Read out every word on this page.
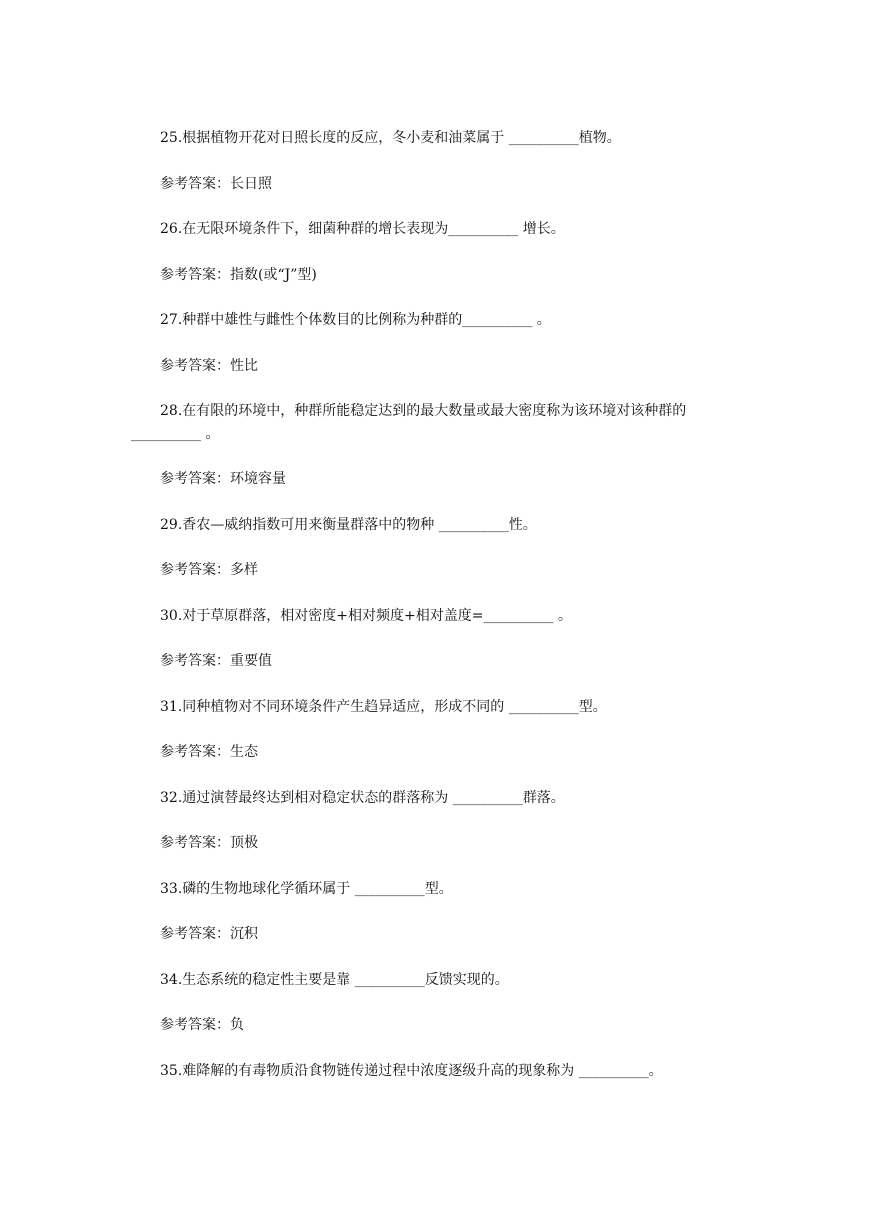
25.根据植物开花对日照长度的反应，冬小麦和油菜属于 __________植物。
参考答案：长日照
26.在无限环境条件下，细菌种群的增长表现为__________ 增长。
参考答案：指数(或“J”型)
27.种群中雄性与雌性个体数目的比例称为种群的__________ 。
参考答案：性比
28.在有限的环境中，种群所能稳定达到的最大数量或最大密度称为该环境对该种群的
__________ 。
参考答案：环境容量
29.香农—威纳指数可用来衡量群落中的物种 __________性。
参考答案：多样
30.对于草原群落，相对密度+相对频度+相对盖度=__________ 。
参考答案：重要值
31.同种植物对不同环境条件产生趋异适应，形成不同的 __________型。
参考答案：生态
32.通过演替最终达到相对稳定状态的群落称为 __________群落。
参考答案：顶极
33.磷的生物地球化学循环属于 __________型。
参考答案：沉积
34.生态系统的稳定性主要是靠 __________反馈实现的。
参考答案：负
35.难降解的有毒物质沿食物链传递过程中浓度逐级升高的现象称为 __________。
